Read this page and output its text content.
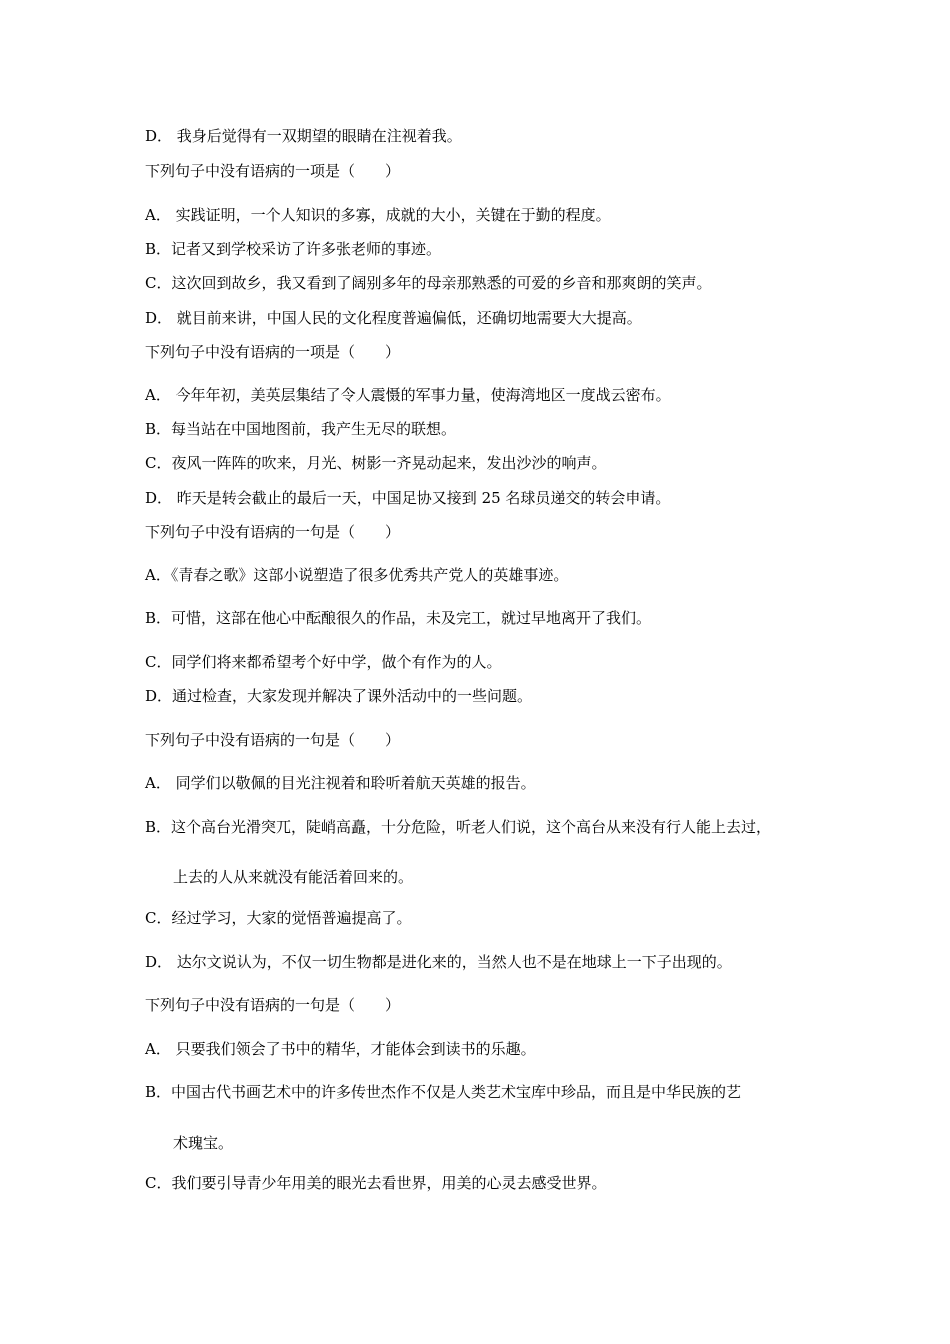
D． 我身后觉得有一双期望的眼睛在注视着我。
下列句子中没有语病的一项是（　　）
A． 实践证明，一个人知识的多寡，成就的大小，关键在于勤的程度。
B．记者又到学校采访了许多张老师的事迹。
C．这次回到故乡，我又看到了阔别多年的母亲那熟悉的可爱的乡音和那爽朗的笑声。
D． 就目前来讲，中国人民的文化程度普遍偏低，还确切地需要大大提高。
下列句子中没有语病的一项是（　　）
A． 今年年初，美英层集结了令人震慑的军事力量，使海湾地区一度战云密布。
B．每当站在中国地图前，我产生无尽的联想。
C．夜风一阵阵的吹来，月光、树影一齐晃动起来，发出沙沙的响声。
D． 昨天是转会截止的最后一天，中国足协又接到 25 名球员递交的转会申请。
下列句子中没有语病的一句是（　　）
A．《青春之歌》这部小说塑造了很多优秀共产党人的英雄事迹。
B．可惜，这部在他心中酝酿很久的作品，未及完工，就过早地离开了我们。
C．同学们将来都希望考个好中学，做个有作为的人。
D．通过检查，大家发现并解决了课外活动中的一些问题。
下列句子中没有语病的一句是（　　）
A． 同学们以敬佩的目光注视着和聆听着航天英雄的报告。
B．这个高台光滑突兀，陡峭高矗，十分危险，听老人们说，这个高台从来没有行人能上去过，
上去的人从来就没有能活着回来的。
C．经过学习，大家的觉悟普遍提高了。
D． 达尔文说认为，不仅一切生物都是进化来的，当然人也不是在地球上一下子出现的。
下列句子中没有语病的一句是（　　）
A． 只要我们领会了书中的精华，才能体会到读书的乐趣。
B．中国古代书画艺术中的许多传世杰作不仅是人类艺术宝库中珍品，而且是中华民族的艺
术瑰宝。
C．我们要引导青少年用美的眼光去看世界，用美的心灵去感受世界。
